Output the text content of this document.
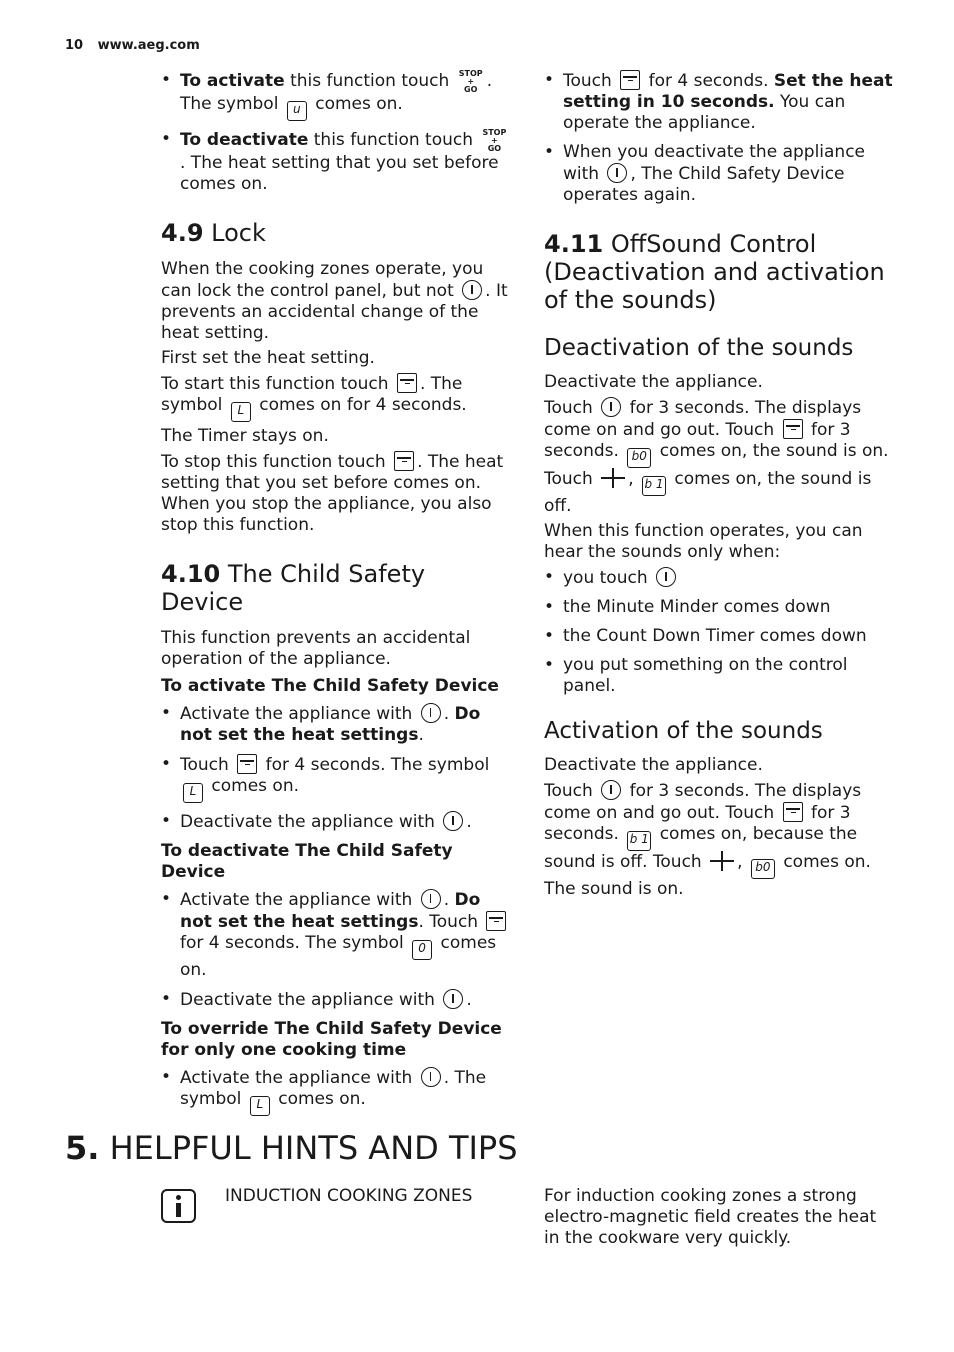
10 www.aeg.com
• To activate this function touch STOP
+
GO . The symbol u comes on.
• To deactivate this function touch STOP
+
GO. The heat setting that you set before comes on.
4.9 Lock

When the cooking zones operate, you can lock the control panel, but not . It prevents an accidental change of the heat setting.

First set the heat setting.

To start this function touch . The symbol L comes on for 4 seconds.

The Timer stays on.

To stop this function touch . The heat setting that you set before comes on. When you stop the appliance, you also stop this function.

4.10 The Child Safety Device

This function prevents an accidental operation of the appliance.

To activate The Child Safety Device

• Activate the appliance with . Do not set the heat settings.
• Touch for 4 seconds. The symbol L comes on.
• Deactivate the appliance with .

To deactivate The Child Safety Device

• Activate the appliance with . Do not set the heat settings. Touch  for 4 seconds. The symbol 0 comes on.
• Deactivate the appliance with .

To override The Child Safety Device for only one cooking time

• Activate the appliance with . The symbol L comes on.
• Touch for 4 seconds. Set the heat setting in 10 seconds. You can operate the appliance.
• When you deactivate the appliance with , The Child Safety Device operates again.
4.11 OffSound Control (Deactivation and activation of the sounds)
Deactivation of the sounds

Deactivate the appliance.

Touch for 3 seconds. The displays come on and go out. Touch for 3 seconds. b0 comes on, the sound is on. Touch , b 1 comes on, the sound is off.

When this function operates, you can hear the sounds only when:

• you touch
• the Minute Minder comes down
• the Count Down Timer comes down
• you put something on the control panel.
Activation of the sounds

Deactivate the appliance.

Touch for 3 seconds. The displays come on and go out. Touch for 3 seconds. b 1 comes on, because the sound is off. Touch , b0 comes on. The sound is on.

5. HELPFUL HINTS AND TIPS
INDUCTION COOKING ZONES	For induction cooking zones a strong electro-magnetic field creates the heat in the cookware very quickly.
